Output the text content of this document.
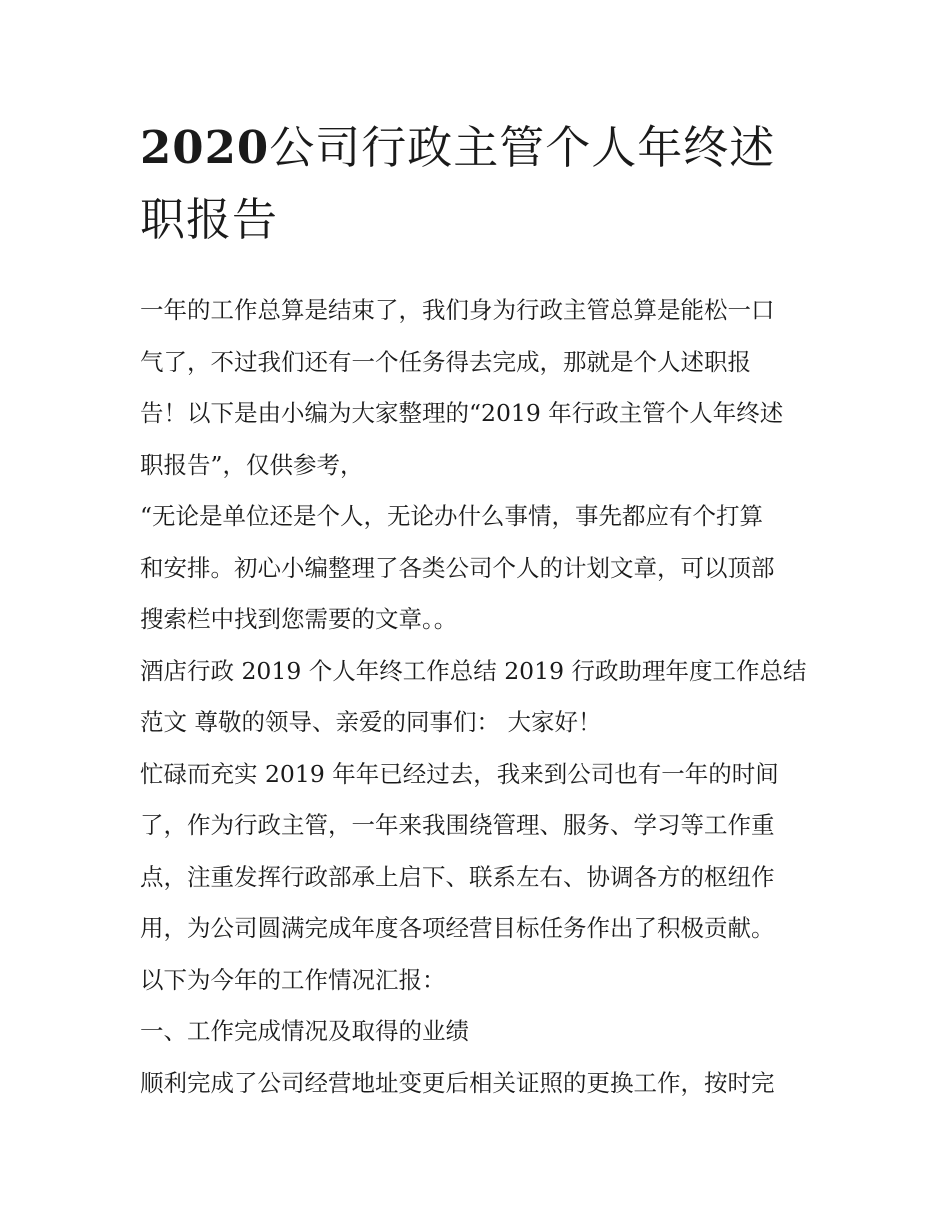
2020公司行政主管个人年终述
职报告

一年的工作总算是结束了，我们身为行政主管总算是能松一口
气了，不过我们还有一个任务得去完成，那就是个人述职报
告！以下是由小编为大家整理的“2019 年行政主管个人年终述
职报告”，仅供参考，

“无论是单位还是个人，无论办什么事情，事先都应有个打算
和安排。初心小编整理了各类公司个人的计划文章，可以顶部
搜索栏中找到您需要的文章。。

酒店行政 2019 个人年终工作总结 2019 行政助理年度工作总结
范文 尊敬的领导、亲爱的同事们： 大家好！

忙碌而充实 2019 年年已经过去，我来到公司也有一年的时间
了，作为行政主管，一年来我围绕管理、服务、学习等工作重
点，注重发挥行政部承上启下、联系左右、协调各方的枢纽作
用，为公司圆满完成年度各项经营目标任务作出了积极贡献。
以下为今年的工作情况汇报：

一、工作完成情况及取得的业绩

顺利完成了公司经营地址变更后相关证照的更换工作，按时完
